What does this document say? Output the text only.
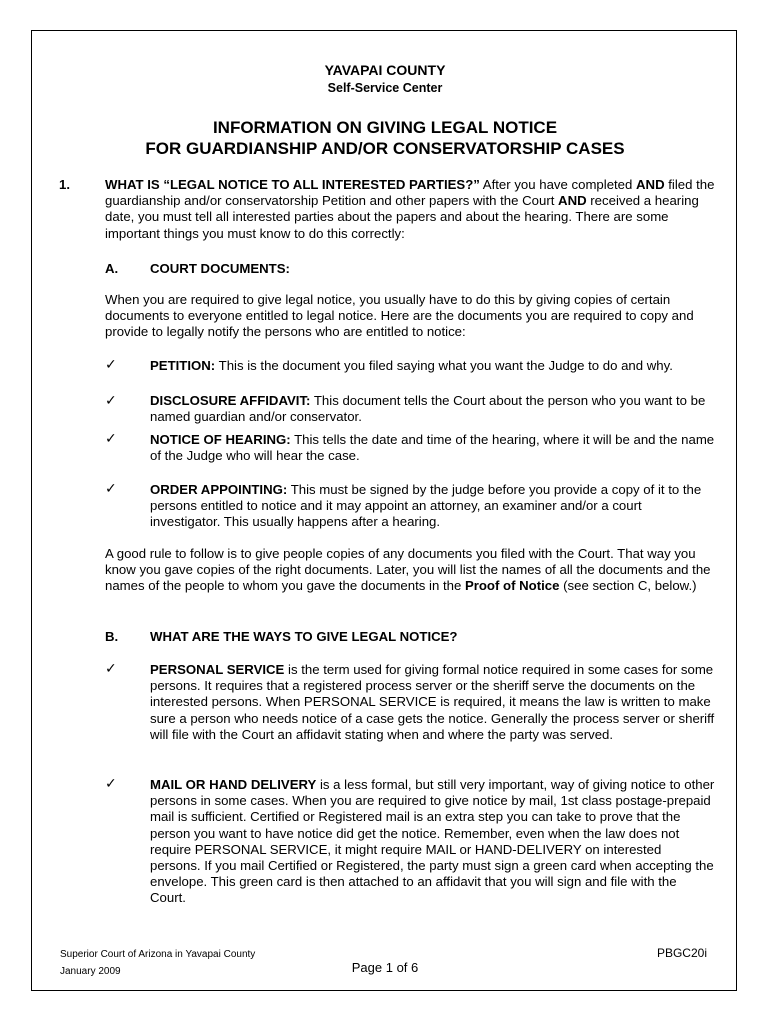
YAVAPAI COUNTY
Self-Service Center
INFORMATION ON GIVING LEGAL NOTICE
FOR GUARDIANSHIP AND/OR CONSERVATORSHIP CASES
1.	WHAT IS “LEGAL NOTICE TO ALL INTERESTED PARTIES?” After you have completed AND filed the guardianship and/or conservatorship Petition and other papers with the Court AND received a hearing date, you must tell all interested parties about the papers and about the hearing. There are some important things you must know to do this correctly:

A. COURT DOCUMENTS:

When you are required to give legal notice, you usually have to do this by giving copies of certain documents to everyone entitled to legal notice. Here are the documents you are required to copy and provide to legally notify the persons who are entitled to notice:

✓	PETITION: This is the document you filed saying what you want the Judge to do and why.

✓	DISCLOSURE AFFIDAVIT: This document tells the Court about the person who you want to be named guardian and/or conservator.

✓	NOTICE OF HEARING: This tells the date and time of the hearing, where it will be and the name of the Judge who will hear the case.

✓	ORDER APPOINTING: This must be signed by the judge before you provide a copy of it to the persons entitled to notice and it may appoint an attorney, an examiner and/or a court investigator. This usually happens after a hearing.

A good rule to follow is to give people copies of any documents you filed with the Court. That way you know you gave copies of the right documents. Later, you will list the names of all the documents and the names of the people to whom you gave the documents in the Proof of Notice (see section C, below.)

B. WHAT ARE THE WAYS TO GIVE LEGAL NOTICE?
✓	PERSONAL SERVICE is the term used for giving formal notice required in some cases for some persons. It requires that a registered process server or the sheriff serve the documents on the interested persons. When PERSONAL SERVICE is required, it means the law is written to make sure a person who needs notice of a case gets the notice. Generally the process server or sheriff will file with the Court an affidavit stating when and where the party was served.

✓	MAIL OR HAND DELIVERY is a less formal, but still very important, way of giving notice to other persons in some cases. When you are required to give notice by mail, 1st class postage-prepaid mail is sufficient. Certified or Registered mail is an extra step you can take to prove that the person you want to have notice did get the notice. Remember, even when the law does not require PERSONAL SERVICE, it might require MAIL or HAND-DELIVERY on interested persons. If you mail Certified or Registered, the party must sign a green card when accepting the envelope. This green card is then attached to an affidavit that you will sign and file with the Court.

Superior Court of Arizona in Yavapai County
January 2009	Page 1 of 6
PBGC20i
